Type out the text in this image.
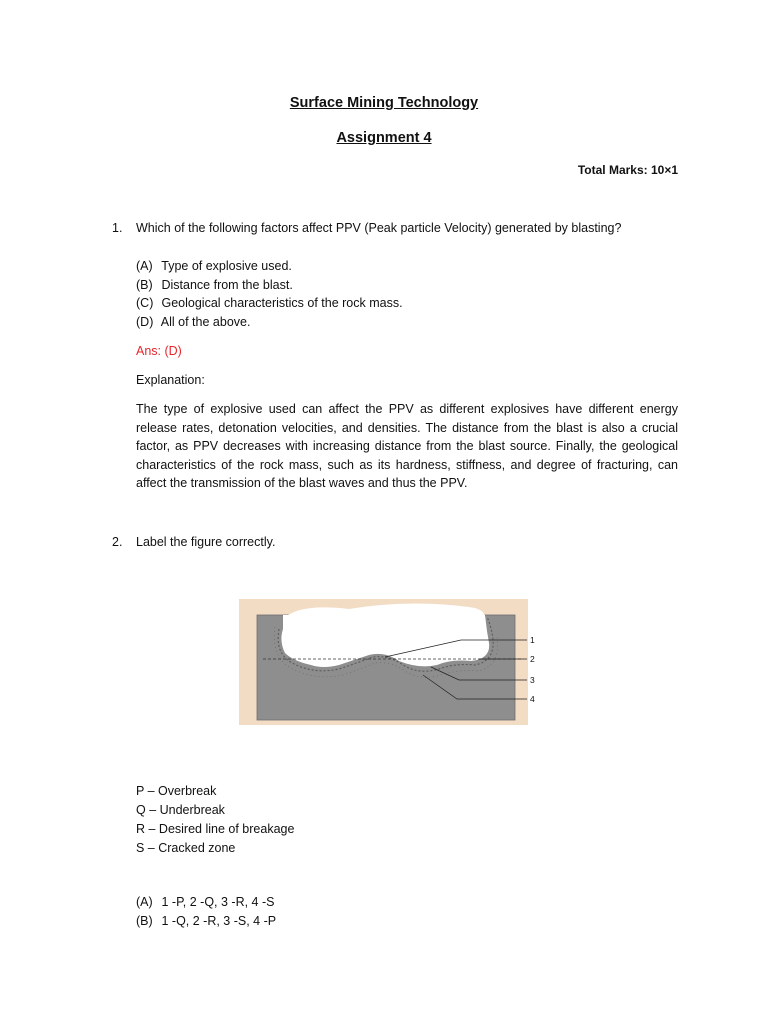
Surface Mining Technology
Assignment 4
Total Marks: 10×1
1. Which of the following factors affect PPV (Peak particle Velocity) generated by blasting?
(A) Type of explosive used.
(B) Distance from the blast.
(C) Geological characteristics of the rock mass.
(D) All of the above.
Ans: (D)
Explanation:
The type of explosive used can affect the PPV as different explosives have different energy release rates, detonation velocities, and densities. The distance from the blast is also a crucial factor, as PPV decreases with increasing distance from the blast source. Finally, the geological characteristics of the rock mass, such as its hardness, stiffness, and degree of fracturing, can affect the transmission of the blast waves and thus the PPV.
2. Label the figure correctly.
1
2
3
4
P – Overbreak
Q – Underbreak
R – Desired line of breakage
S – Cracked zone
(A) 1 -P, 2 -Q, 3 -R, 4 -S
(B) 1 -Q, 2 -R, 3 -S, 4 -P
